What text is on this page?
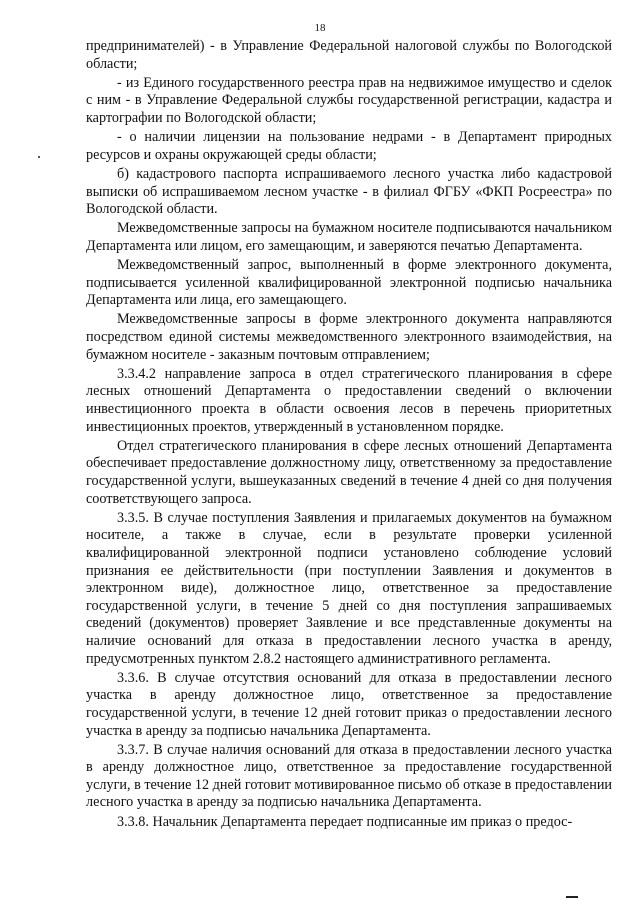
18

предпринимателей) - в Управление Федеральной налоговой службы по Вологодской области;

- из Единого государственного реестра прав на недвижимое имущество и сделок с ним - в Управление Федеральной службы государственной регистрации, кадастра и картографии по Вологодской области;

- о наличии лицензии на пользование недрами - в Департамент природных ресурсов и охраны окружающей среды области;

б) кадастрового паспорта испрашиваемого лесного участка либо кадастровой выписки об испрашиваемом лесном участке - в филиал ФГБУ «ФКП Росреестра» по Вологодской области.

Межведомственные запросы на бумажном носителе подписываются начальником Департамента или лицом, его замещающим, и заверяются печатью Департамента.

Межведомственный запрос, выполненный в форме электронного документа, подписывается усиленной квалифицированной электронной подписью начальника Департамента или лица, его замещающего.

Межведомственные запросы в форме электронного документа направляются посредством единой системы межведомственного электронного взаимодействия, на бумажном носителе - заказным почтовым отправлением;

3.3.4.2 направление запроса в отдел стратегического планирования в сфере лесных отношений Департамента о предоставлении сведений о включении инвестиционного проекта в области освоения лесов в перечень приоритетных инвестиционных проектов, утвержденный в установленном порядке.

Отдел стратегического планирования в сфере лесных отношений Департамента обеспечивает предоставление должностному лицу, ответственному за предоставление государственной услуги, вышеуказанных сведений в течение 4 дней со дня получения соответствующего запроса.

3.3.5. В случае поступления Заявления и прилагаемых документов на бумажном носителе, а также в случае, если в результате проверки усиленной квалифицированной электронной подписи установлено соблюдение условий признания ее действительности (при поступлении Заявления и документов в электронном виде), должностное лицо, ответственное за предоставление государственной услуги, в течение 5 дней со дня поступления запрашиваемых сведений (документов) проверяет Заявление и все представленные документы на наличие оснований для отказа в предоставлении лесного участка в аренду, предусмотренных пунктом 2.8.2 настоящего административного регламента.

3.3.6. В случае отсутствия оснований для отказа в предоставлении лесного участка в аренду должностное лицо, ответственное за предоставление государственной услуги, в течение 12 дней готовит приказ о предоставлении лесного участка в аренду за подписью начальника Департамента.

3.3.7. В случае наличия оснований для отказа в предоставлении лесного участка в аренду должностное лицо, ответственное за предоставление государственной услуги, в течение 12 дней готовит мотивированное письмо об отказе в предоставлении лесного участка в аренду за подписью начальника Департамента.

3.3.8. Начальник Департамента передает подписанные им приказ о предос-
